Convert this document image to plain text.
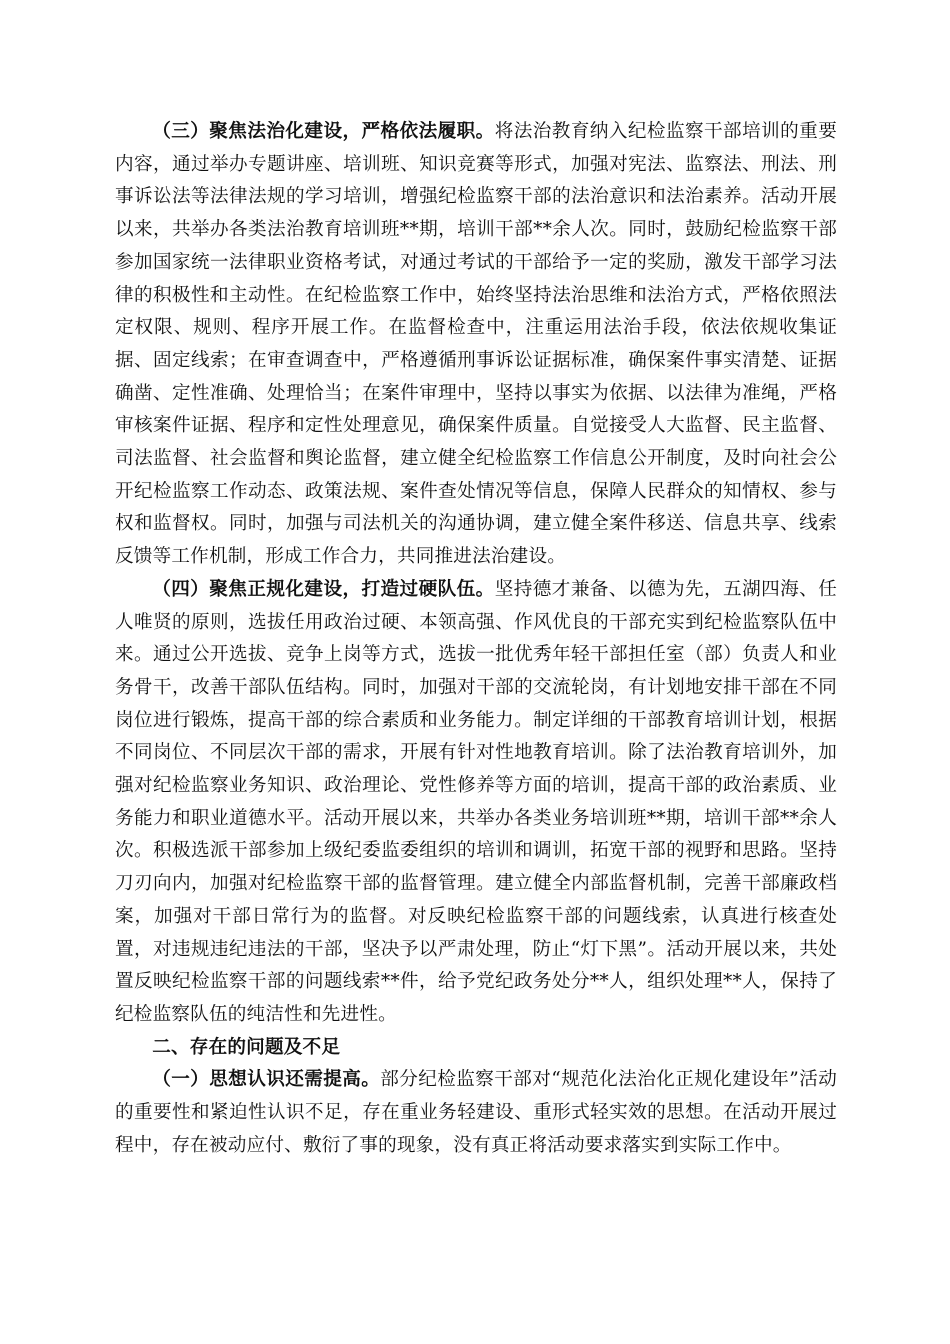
（三）聚焦法治化建设，严格依法履职。将法治教育纳入纪检监察干部培训的重要内容，通过举办专题讲座、培训班、知识竞赛等形式，加强对宪法、监察法、刑法、刑事诉讼法等法律法规的学习培训，增强纪检监察干部的法治意识和法治素养。活动开展以来，共举办各类法治教育培训班**期，培训干部**余人次。同时，鼓励纪检监察干部参加国家统一法律职业资格考试，对通过考试的干部给予一定的奖励，激发干部学习法律的积极性和主动性。在纪检监察工作中，始终坚持法治思维和法治方式，严格依照法定权限、规则、程序开展工作。在监督检查中，注重运用法治手段，依法依规收集证据、固定线索；在审查调查中，严格遵循刑事诉讼证据标准，确保案件事实清楚、证据确凿、定性准确、处理恰当；在案件审理中，坚持以事实为依据、以法律为准绳，严格审核案件证据、程序和定性处理意见，确保案件质量。自觉接受人大监督、民主监督、司法监督、社会监督和舆论监督，建立健全纪检监察工作信息公开制度，及时向社会公开纪检监察工作动态、政策法规、案件查处情况等信息，保障人民群众的知情权、参与权和监督权。同时，加强与司法机关的沟通协调，建立健全案件移送、信息共享、线索反馈等工作机制，形成工作合力，共同推进法治建设。

（四）聚焦正规化建设，打造过硬队伍。坚持德才兼备、以德为先，五湖四海、任人唯贤的原则，选拔任用政治过硬、本领高强、作风优良的干部充实到纪检监察队伍中来。通过公开选拔、竞争上岗等方式，选拔一批优秀年轻干部担任室（部）负责人和业务骨干，改善干部队伍结构。同时，加强对干部的交流轮岗，有计划地安排干部在不同岗位进行锻炼，提高干部的综合素质和业务能力。制定详细的干部教育培训计划，根据不同岗位、不同层次干部的需求，开展有针对性地教育培训。除了法治教育培训外，加强对纪检监察业务知识、政治理论、党性修养等方面的培训，提高干部的政治素质、业务能力和职业道德水平。活动开展以来，共举办各类业务培训班**期，培训干部**余人次。积极选派干部参加上级纪委监委组织的培训和调训，拓宽干部的视野和思路。坚持刀刃向内，加强对纪检监察干部的监督管理。建立健全内部监督机制，完善干部廉政档案，加强对干部日常行为的监督。对反映纪检监察干部的问题线索，认真进行核查处置，对违规违纪违法的干部，坚决予以严肃处理，防止“灯下黑”。活动开展以来，共处置反映纪检监察干部的问题线索**件，给予党纪政务处分**人，组织处理**人，保持了纪检监察队伍的纯洁性和先进性。

二、存在的问题及不足

（一）思想认识还需提高。部分纪检监察干部对“规范化法治化正规化建设年”活动的重要性和紧迫性认识不足，存在重业务轻建设、重形式轻实效的思想。在活动开展过程中，存在被动应付、敷衍了事的现象，没有真正将活动要求落实到实际工作中。
